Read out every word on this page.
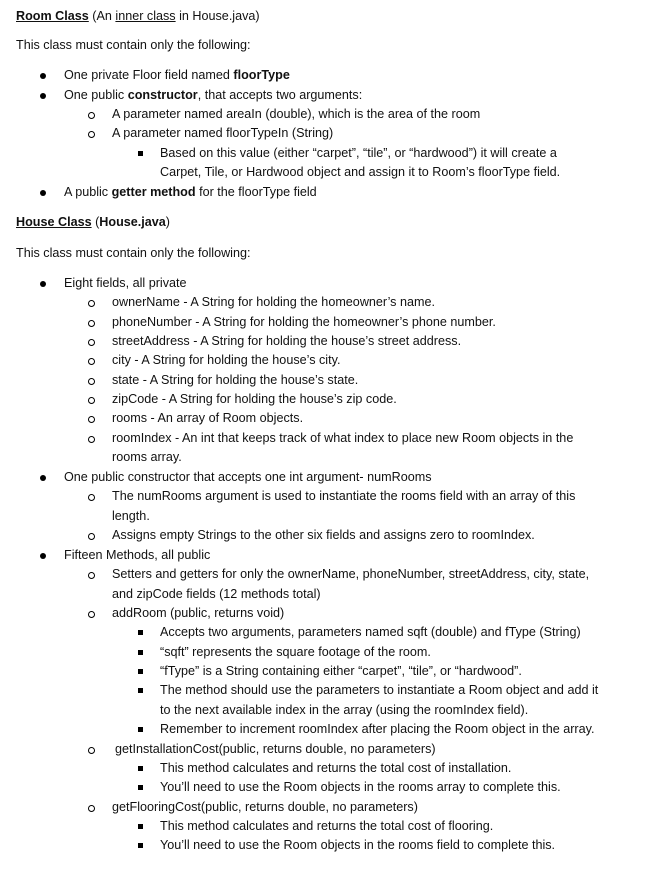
Room Class (An inner class in House.java)
This class must contain only the following:
One private Floor field named floorType
One public constructor, that accepts two arguments:
A parameter named areaIn (double), which is the area of the room
A parameter named floorTypeIn (String)
Based on this value (either “carpet”, “tile”, or “hardwood”) it will create a
Carpet, Tile, or Hardwood object and assign it to Room’s floorType field.
A public getter method for the floorType field
House Class (House.java)
This class must contain only the following:
Eight fields, all private
ownerName - A String for holding the homeowner’s name.
phoneNumber - A String for holding the homeowner’s phone number.
streetAddress - A String for holding the house’s street address.
city - A String for holding the house’s city.
state - A String for holding the house’s state.
zipCode - A String for holding the house’s zip code.
rooms - An array of Room objects.
roomIndex - An int that keeps track of what index to place new Room objects in the
rooms array.
One public constructor that accepts one int argument- numRooms
The numRooms argument is used to instantiate the rooms field with an array of this
length.
Assigns empty Strings to the other six fields and assigns zero to roomIndex.
Fifteen Methods, all public
Setters and getters for only the ownerName, phoneNumber, streetAddress, city, state,
and zipCode fields (12 methods total)
addRoom (public, returns void)
Accepts two arguments, parameters named sqft (double) and fType (String)
“sqft” represents the square footage of the room.
“fType” is a String containing either “carpet”, “tile”, or “hardwood”.
The method should use the parameters to instantiate a Room object and add it
to the next available index in the array (using the roomIndex field).
Remember to increment roomIndex after placing the Room object in the array.
getInstallationCost(public, returns double, no parameters)
This method calculates and returns the total cost of installation.
You’ll need to use the Room objects in the rooms array to complete this.
getFlooringCost(public, returns double, no parameters)
This method calculates and returns the total cost of flooring.
You’ll need to use the Room objects in the rooms field to complete this.
